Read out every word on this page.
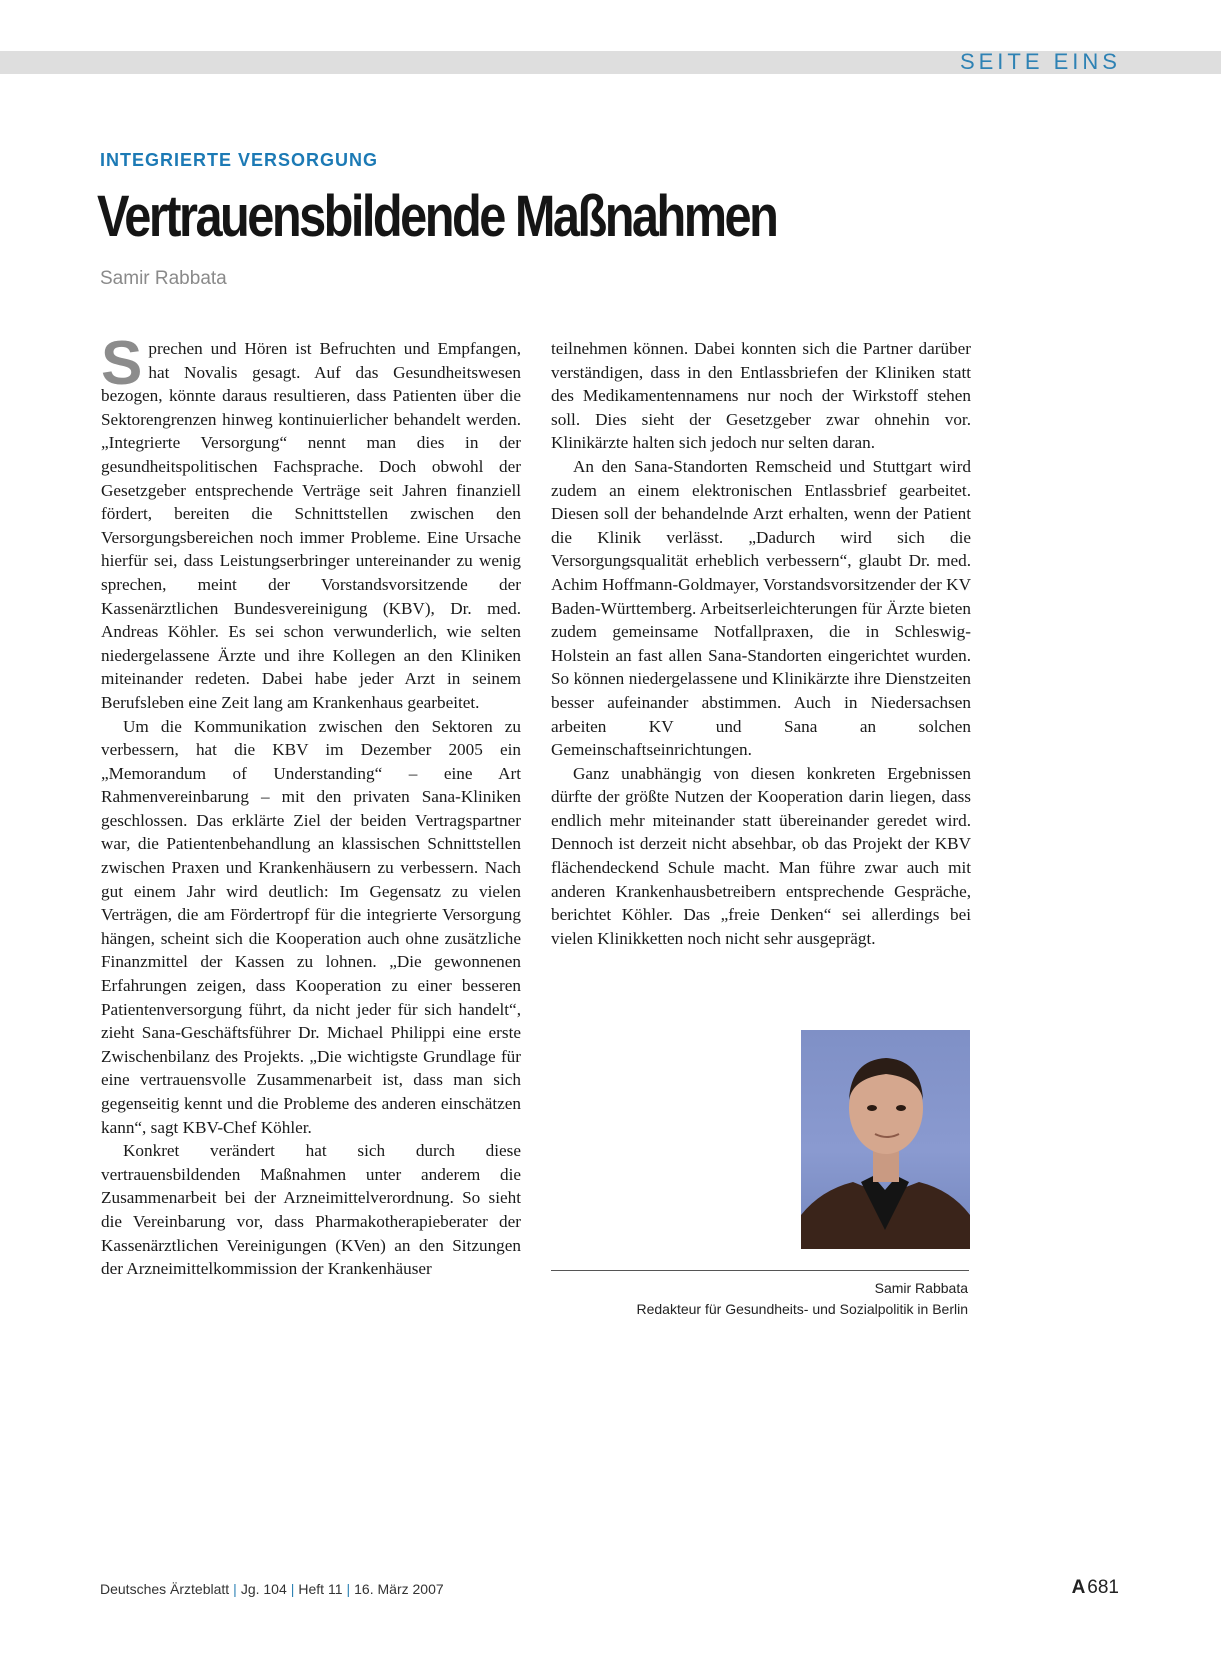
SEITE EINS
INTEGRIERTE VERSORGUNG
Vertrauensbildende Maßnahmen
Samir Rabbata

Sprechen und Hören ist Befruchten und Empfangen, hat Novalis gesagt. Auf das Gesundheitswesen bezogen, könnte daraus resultieren, dass Patienten über die Sektorengrenzen hinweg kontinuierlicher behandelt werden. „Integrierte Versorgung“ nennt man dies in der gesundheitspolitischen Fachsprache. Doch obwohl der Gesetzgeber entsprechende Verträge seit Jahren finanziell fördert, bereiten die Schnittstellen zwischen den Versorgungsbereichen noch immer Probleme. Eine Ursache hierfür sei, dass Leistungserbringer untereinander zu wenig sprechen, meint der Vorstandsvorsitzende der Kassenärztlichen Bundesvereinigung (KBV), Dr. med. Andreas Köhler. Es sei schon verwunderlich, wie selten niedergelassene Ärzte und ihre Kollegen an den Kliniken miteinander redeten. Dabei habe jeder Arzt in seinem Berufsleben eine Zeit lang am Krankenhaus gearbeitet.

Um die Kommunikation zwischen den Sektoren zu verbessern, hat die KBV im Dezember 2005 ein „Memorandum of Understanding“ – eine Art Rahmenvereinbarung – mit den privaten Sana-Kliniken geschlossen. Das erklärte Ziel der beiden Vertragspartner war, die Patientenbehandlung an klassischen Schnittstellen zwischen Praxen und Krankenhäusern zu verbessern. Nach gut einem Jahr wird deutlich: Im Gegensatz zu vielen Verträgen, die am Fördertropf für die integrierte Versorgung hängen, scheint sich die Kooperation auch ohne zusätzliche Finanzmittel der Kassen zu lohnen. „Die gewonnenen Erfahrungen zeigen, dass Kooperation zu einer besseren Patientenversorgung führt, da nicht jeder für sich handelt“, zieht Sana-Geschäftsführer Dr. Michael Philippi eine erste Zwischenbilanz des Projekts. „Die wichtigste Grundlage für eine vertrauensvolle Zusammenarbeit ist, dass man sich gegenseitig kennt und die Probleme des anderen einschätzen kann“, sagt KBV-Chef Köhler.

Konkret verändert hat sich durch diese vertrauensbildenden Maßnahmen unter anderem die Zusammenarbeit bei der Arzneimittelverordnung. So sieht die Vereinbarung vor, dass Pharmakotherapieberater der Kassenärztlichen Vereinigungen (KVen) an den Sitzungen der Arzneimittelkommission der Krankenhäuser

teilnehmen können. Dabei konnten sich die Partner darüber verständigen, dass in den Entlassbriefen der Kliniken statt des Medikamentennamens nur noch der Wirkstoff stehen soll. Dies sieht der Gesetzgeber zwar ohnehin vor. Klinikärzte halten sich jedoch nur selten daran.

An den Sana-Standorten Remscheid und Stuttgart wird zudem an einem elektronischen Entlassbrief gearbeitet. Diesen soll der behandelnde Arzt erhalten, wenn der Patient die Klinik verlässt. „Dadurch wird sich die Versorgungsqualität erheblich verbessern“, glaubt Dr. med. Achim Hoffmann-Goldmayer, Vorstandsvorsitzender der KV Baden-Württemberg. Arbeitserleichterungen für Ärzte bieten zudem gemeinsame Notfallpraxen, die in Schleswig-Holstein an fast allen Sana-Standorten eingerichtet wurden. So können niedergelassene und Klinikärzte ihre Dienstzeiten besser aufeinander abstimmen. Auch in Niedersachsen arbeiten KV und Sana an solchen Gemeinschaftseinrichtungen.

Ganz unabhängig von diesen konkreten Ergebnissen dürfte der größte Nutzen der Kooperation darin liegen, dass endlich mehr miteinander statt übereinander geredet wird. Dennoch ist derzeit nicht absehbar, ob das Projekt der KBV flächendeckend Schule macht. Man führe zwar auch mit anderen Krankenhausbetreibern entsprechende Gespräche, berichtet Köhler. Das „freie Denken“ sei allerdings bei vielen Klinikketten noch nicht sehr ausgeprägt.

Samir Rabbata
Redakteur für Gesundheits- und Sozialpolitik in Berlin
Deutsches Ärzteblatt | Jg. 104 | Heft 11 | 16. März 2007	A 681
